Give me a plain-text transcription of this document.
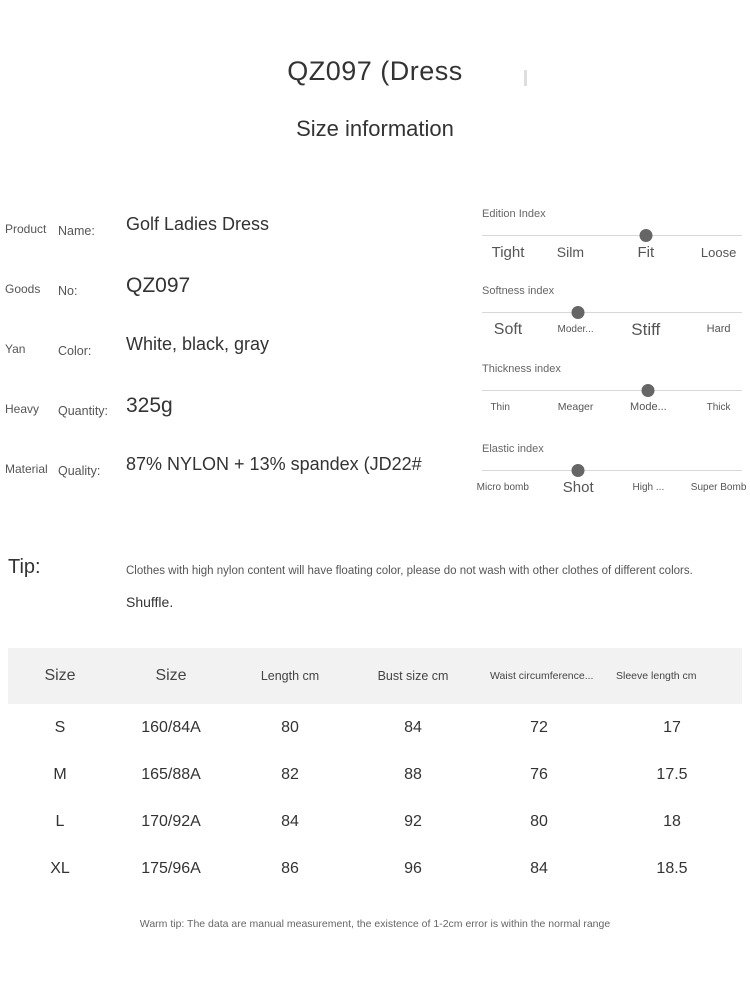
QZ097 (Dress
Size information
Product Name:	Golf Ladies Dress
Goods	No:	QZ097
Yan	Color:	White, black, gray
Heavy	Quantity: 325g
Material Quality:	87% NYLON + 13% spandex (JD22#
Edition Index
Tight	Silm	Fit	Loose
Softness index
Soft	Moder...	Stiff	Hard
Thickness index
Thin	Meager	Mode...	Thick
Elastic index
Micro bomb	Shot	High ...	Super Bomb
Tip:	Clothes with high nylon content will have floating color, please do not wash with other clothes of different colors.
Shuffle.
Size	Size	Length cm	Bust size cm	Waist circumference...	Sleeve length cm
S	160/84A	80	84	72	17
M	165/88A	82	88	76	17.5
L	170/92A	84	92	80	18
XL	175/96A	86	96	84	18.5
Warm tip: The data are manual measurement, the existence of 1-2cm error is within the normal range
